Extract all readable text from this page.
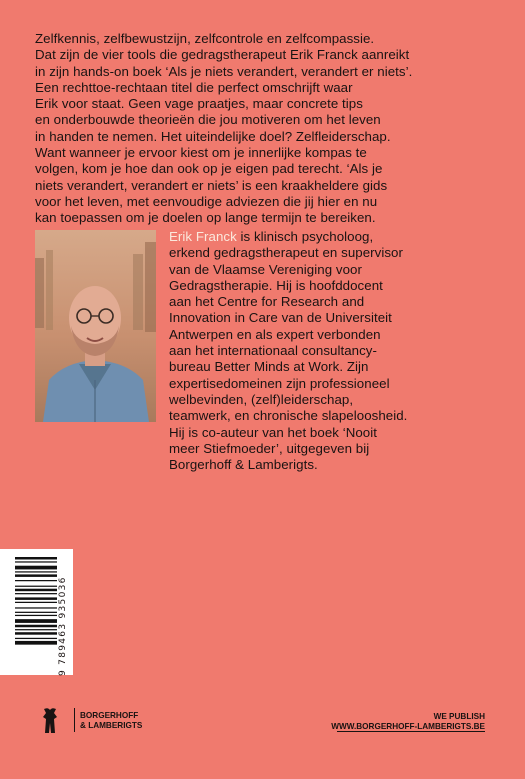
Zelfkennis, zelfbewustzijn, zelfcontrole en zelfcompassie.
Dat zijn de vier tools die gedragstherapeut Erik Franck aanreikt
in zijn hands-on boek ‘Als je niets verandert, verandert er niets’.
Een rechttoe-rechtaan titel die perfect omschrijft waar
Erik voor staat. Geen vage praatjes, maar concrete tips
en onderbouwde theorieën die jou motiveren om het leven
in handen te nemen. Het uiteindelijke doel? Zelfleiderschap.
Want wanneer je ervoor kiest om je innerlijke kompas te
volgen, kom je hoe dan ook op je eigen pad terecht. ‘Als je
niets verandert, verandert er niets’ is een kraakheldere gids
voor het leven, met eenvoudige adviezen die jij hier en nu
kan toepassen om je doelen op lange termijn te bereiken.
Erik Franck is klinisch psycholoog,
erkend gedragstherapeut en supervisor
van de Vlaamse Vereniging voor
Gedragstherapie. Hij is hoofddocent
aan het Centre for Research and
Innovation in Care van de Universiteit
Antwerpen en als expert verbonden
aan het internationaal consultancy-
bureau Better Minds at Work. Zijn
expertisedomeinen zijn professioneel
welbevinden, (zelf)leiderschap,
teamwerk, en chronische slapeloosheid.
Hij is co-auteur van het boek ‘Nooit
meer Stiefmoeder’, uitgegeven bij
Borgerhoff & Lamberigts.
9 789463 935036
BORGERHOFF
& LAMBERIGTS
WE PUBLISH
WWW.BORGERHOFF-LAMBERIGTS.BE
